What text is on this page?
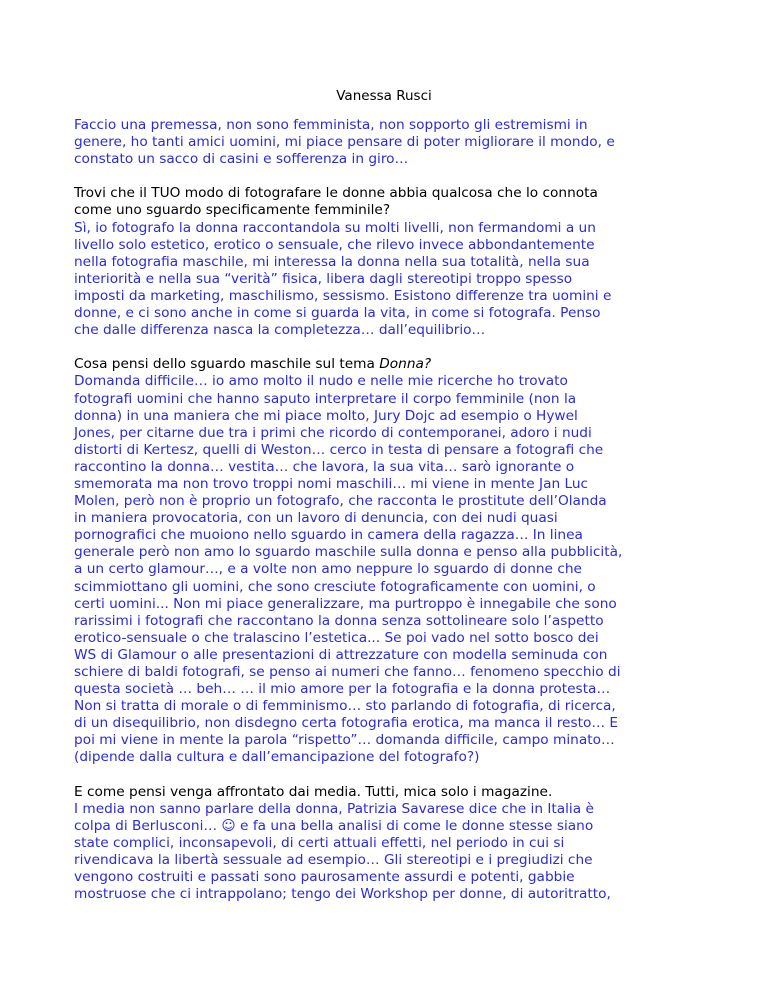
Vanessa Rusci
Faccio una premessa, non sono femminista, non sopporto gli estremismi in
genere, ho tanti amici uomini, mi piace pensare di poter migliorare il mondo, e
constato un sacco di casini e sofferenza in giro…
Trovi che il TUO modo di fotografare le donne abbia qualcosa che lo connota
come uno sguardo specificamente femminile?
Sì, io fotografo la donna raccontandola su molti livelli, non fermandomi a un
livello solo estetico, erotico o sensuale, che rilevo invece abbondantemente
nella fotografia maschile, mi interessa la donna nella sua totalità, nella sua
interiorità e nella sua “verità” fisica, libera dagli stereotipi troppo spesso
imposti da marketing, maschilismo, sessismo. Esistono differenze tra uomini e
donne, e ci sono anche in come si guarda la vita, in come si fotografa. Penso
che dalle differenza nasca la completezza… dall’equilibrio…
Cosa pensi dello sguardo maschile sul tema Donna?
Domanda difficile… io amo molto il nudo e nelle mie ricerche ho trovato
fotografi uomini che hanno saputo interpretare il corpo femminile (non la
donna) in una maniera che mi piace molto, Jury Dojc ad esempio o Hywel
Jones, per citarne due tra i primi che ricordo di contemporanei, adoro i nudi
distorti di Kertesz, quelli di Weston… cerco in testa di pensare a fotografi che
raccontino la donna… vestita… che lavora, la sua vita… sarò ignorante o
smemorata ma non trovo troppi nomi maschili… mi viene in mente Jan Luc
Molen, però non è proprio un fotografo, che racconta le prostitute dell’Olanda
in maniera provocatoria, con un lavoro di denuncia, con dei nudi quasi
pornografici che muoiono nello sguardo in camera della ragazza… In linea
generale però non amo lo sguardo maschile sulla donna e penso alla pubblicità,
a un certo glamour…, e a volte non amo neppure lo sguardo di donne che
scimmiottano gli uomini, che sono cresciute fotograficamente con uomini, o
certi uomini... Non mi piace generalizzare, ma purtroppo è innegabile che sono
rarissimi i fotografi che raccontano la donna senza sottolineare solo l’aspetto
erotico-sensuale o che tralascino l’estetica... Se poi vado nel sotto bosco dei
WS di Glamour o alle presentazioni di attrezzature con modella seminuda con
schiere di baldi fotografi, se penso ai numeri che fanno… fenomeno specchio di
questa società … beh… … il mio amore per la fotografia e la donna protesta…
Non si tratta di morale o di femminismo… sto parlando di fotografia, di ricerca,
di un disequilibrio, non disdegno certa fotografia erotica, ma manca il resto… E
poi mi viene in mente la parola “rispetto”… domanda difficile, campo minato…
(dipende dalla cultura e dall’emancipazione del fotografo?)
E come pensi venga affrontato dai media. Tutti, mica solo i magazine.
I media non sanno parlare della donna, Patrizia Savarese dice che in Italia è
colpa di Berlusconi… ☺ e fa una bella analisi di come le donne stesse siano
state complici, inconsapevoli, di certi attuali effetti, nel periodo in cui si
rivendicava la libertà sessuale ad esempio… Gli stereotipi e i pregiudizi che
vengono costruiti e passati sono paurosamente assurdi e potenti, gabbie
mostruose che ci intrappolano; tengo dei Workshop per donne, di autoritratto,
